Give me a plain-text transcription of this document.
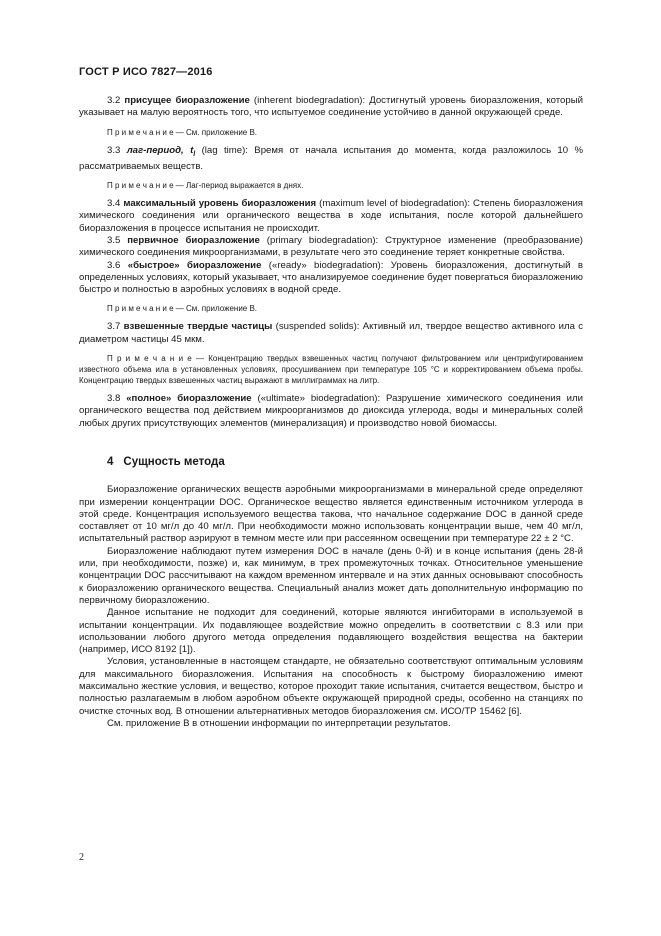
ГОСТ Р ИСО 7827—2016

3.2 присущее биоразложение (inherent biodegradation): Достигнутый уровень биоразложения, который указывает на малую вероятность того, что испытуемое соединение устойчиво в данной окружающей среде.

П р и м е ч а н и е — См. приложение В.

3.3 лаг-период, $t_l$ (lag time): Время от начала испытания до момента, когда разложилось 10 % рассматриваемых веществ.

П р и м е ч а н и е — Лаг-период выражается в днях.

3.4 максимальный уровень биоразложения (maximum level of biodegradation): Степень биоразложения химического соединения или органического вещества в ходе испытания, после которой дальнейшего биоразложения в процессе испытания не происходит.

3.5 первичное биоразложение (primary biodegradation): Структурное изменение (преобразование) химического соединения микроорганизмами, в результате чего это соединение теряет конкретные свойства.

3.6 «быстрое» биоразложение («ready» biodegradation): Уровень биоразложения, достигнутый в определенных условиях, который указывает, что анализируемое соединение будет повергаться биоразложению быстро и полностью в аэробных условиях в водной среде.

П р и м е ч а н и е — См. приложение В.

3.7 взвешенные твердые частицы (suspended solids): Активный ил, твердое вещество активного ила с диаметром частицы 45 мкм.

П р и м е ч а н и е — Концентрацию твердых взвешенных частиц получают фильтрованием или центрифугированием известного объема ила в установленных условиях, просушиванием при температуре 105 °С и корректированием объема пробы. Концентрацию твердых взвешенных частиц выражают в миллиграммах на литр.

3.8 «полное» биоразложение («ultimate» biodegradation): Разрушение химического соединения или органического вещества под действием микроорганизмов до диоксида углерода, воды и минеральных солей любых других присутствующих элементов (минерализация) и производство новой биомассы.

4 Сущность метода

Биоразложение органических веществ аэробными микроорганизмами в минеральной среде определяют при измерении концентрации DOC. Органическое вещество является единственным источником углерода в этой среде. Концентрация используемого вещества такова, что начальное содержание DOC в данной среде составляет от 10 мг/л до 40 мг/л. При необходимости можно использовать концентрации выше, чем 40 мг/л, испытательный раствор аэрируют в темном месте или при рассеянном освещении при температуре 22 ± 2 °С.

Биоразложение наблюдают путем измерения DOC в начале (день 0-й) и в конце испытания (день 28-й или, при необходимости, позже) и, как минимум, в трех промежуточных точках. Относительное уменьшение концентрации DOC рассчитывают на каждом временном интервале и на этих данных основывают способность к биоразложению органического вещества. Специальный анализ может дать дополнительную информацию по первичному биоразложению.

Данное испытание не подходит для соединений, которые являются ингибиторами в используемой в испытании концентрации. Их подавляющее воздействие можно определить в соответствии с 8.3 или при использовании любого другого метода определения подавляющего воздействия вещества на бактерии (например, ИСО 8192 [1]).

Условия, установленные в настоящем стандарте, не обязательно соответствуют оптимальным условиям для максимального биоразложения. Испытания на способность к быстрому биоразложению имеют максимально жесткие условия, и вещество, которое проходит такие испытания, считается веществом, быстро и полностью разлагаемым в любом аэробном объекте окружающей природной среды, особенно на станциях по очистке сточных вод. В отношении альтернативных методов биоразложения см. ИСО/ТР 15462 [6].

См. приложение В в отношении информации по интерпретации результатов.

2
